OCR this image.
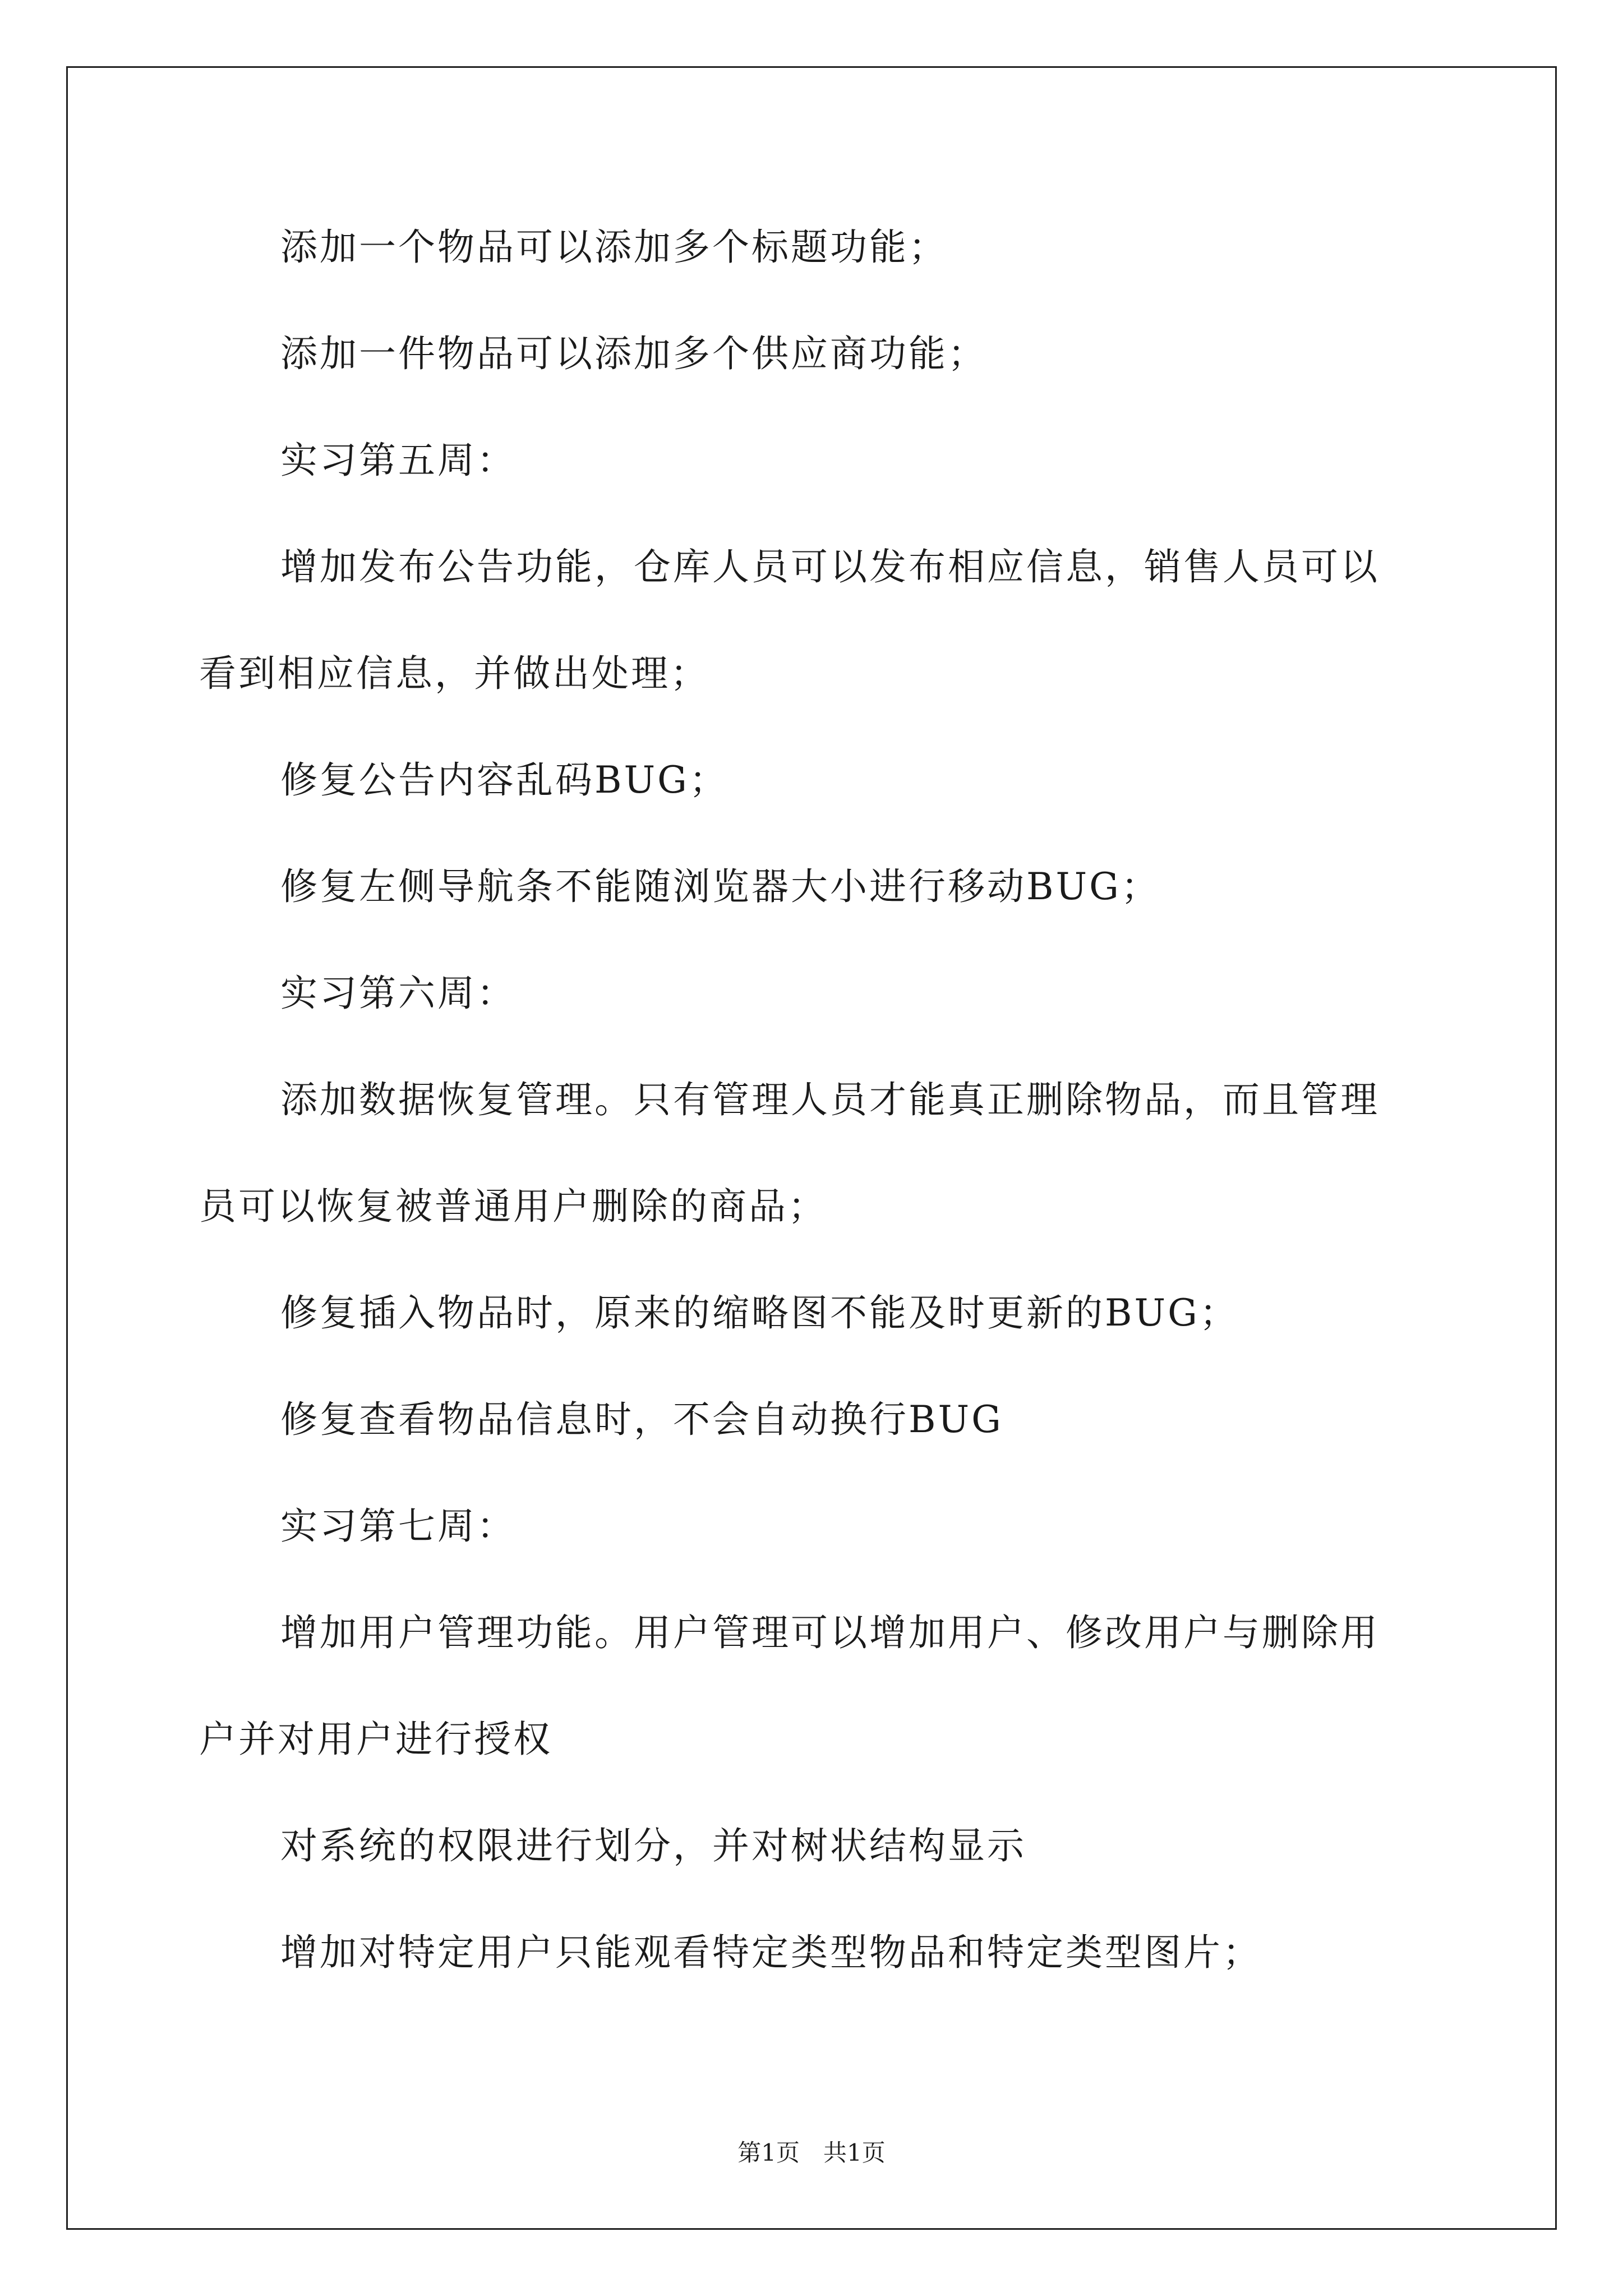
添加一个物品可以添加多个标题功能；
添加一件物品可以添加多个供应商功能；
实习第五周：
增加发布公告功能，仓库人员可以发布相应信息，销售人员可以
看到相应信息，并做出处理；
修复公告内容乱码BUG；
修复左侧导航条不能随浏览器大小进行移动BUG；
实习第六周：
添加数据恢复管理。只有管理人员才能真正删除物品，而且管理
员可以恢复被普通用户删除的商品；
修复插入物品时，原来的缩略图不能及时更新的BUG；
修复查看物品信息时，不会自动换行BUG
实习第七周：
增加用户管理功能。用户管理可以增加用户、修改用户与删除用
户并对用户进行授权
对系统的权限进行划分，并对树状结构显示
增加对特定用户只能观看特定类型物品和特定类型图片；
第1页　共1页
